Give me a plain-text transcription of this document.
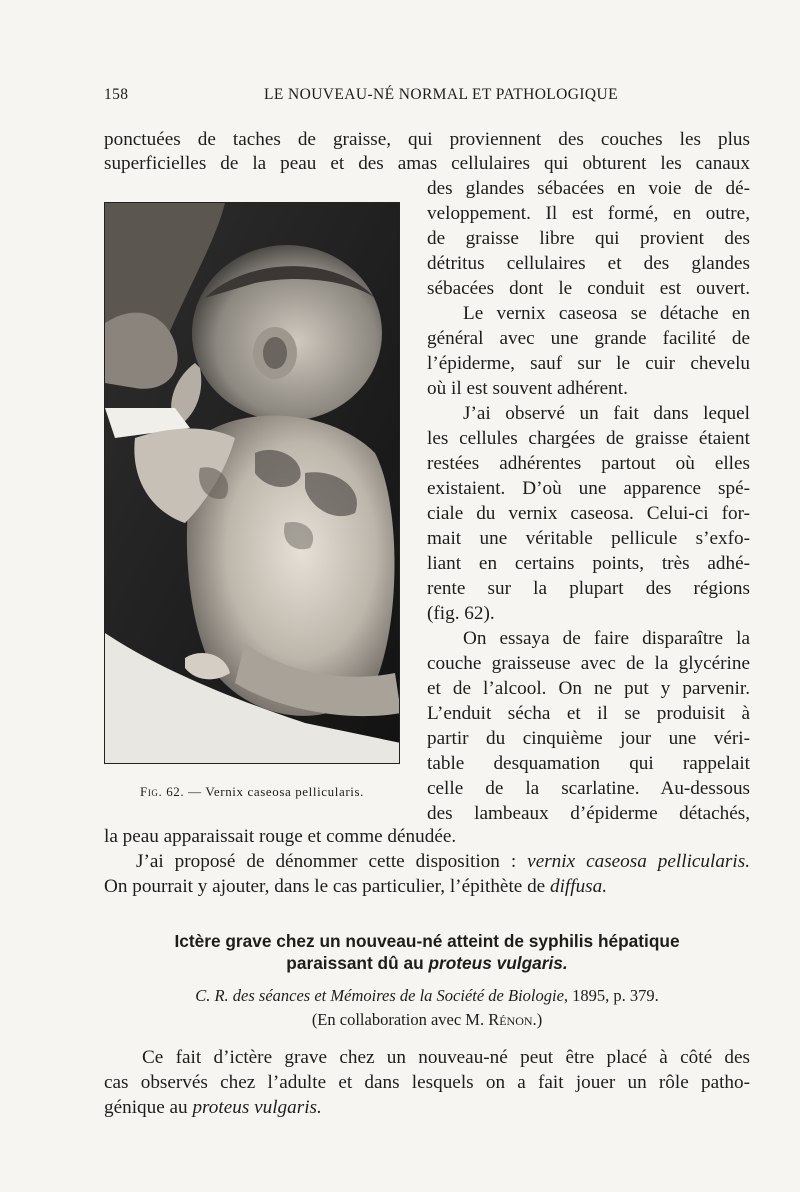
158	LE NOUVEAU-NÉ NORMAL ET PATHOLOGIQUE
ponctuées de taches de graisse, qui proviennent des couches les plus
superficielles de la peau et des amas cellulaires qui obturent les canaux
des glandes sébacées en voie de dé-
veloppement. Il est formé, en outre,
de graisse libre qui provient des
détritus cellulaires et des glandes
sébacées dont le conduit est ouvert.
Le vernix caseosa se détache en
général avec une grande facilité de
l’épiderme, sauf sur le cuir chevelu
où il est souvent adhérent.
J’ai observé un fait dans lequel
les cellules chargées de graisse étaient
restées adhérentes partout où elles
existaient. D’où une apparence spé-
ciale du vernix caseosa. Celui-ci for-
mait une véritable pellicule s’exfo-
liant en certains points, très adhé-
rente sur la plupart des régions
(fig. 62).
On essaya de faire disparaître la
couche graisseuse avec de la glycérine
et de l’alcool. On ne put y parvenir.
L’enduit sécha et il se produisit à
partir du cinquième jour une véri-
table desquamation qui rappelait
celle de la scarlatine. Au-dessous
des lambeaux d’épiderme détachés,
la peau apparaissait rouge et comme dénudée.
J’ai proposé de dénommer cette disposition : vernix caseosa pellicularis.
On pourrait y ajouter, dans le cas particulier, l’épithète de diffusa.
Fig. 62. — Vernix caseosa pellicularis.
Ictère grave chez un nouveau-né atteint de syphilis hépatique
paraissant dû au proteus vulgaris.
C. R. des séances et Mémoires de la Société de Biologie, 1895, p. 379.
(En collaboration avec M. Rénon.)
Ce fait d’ictère grave chez un nouveau-né peut être placé à côté des
cas observés chez l’adulte et dans lesquels on a fait jouer un rôle patho-
génique au proteus vulgaris.
